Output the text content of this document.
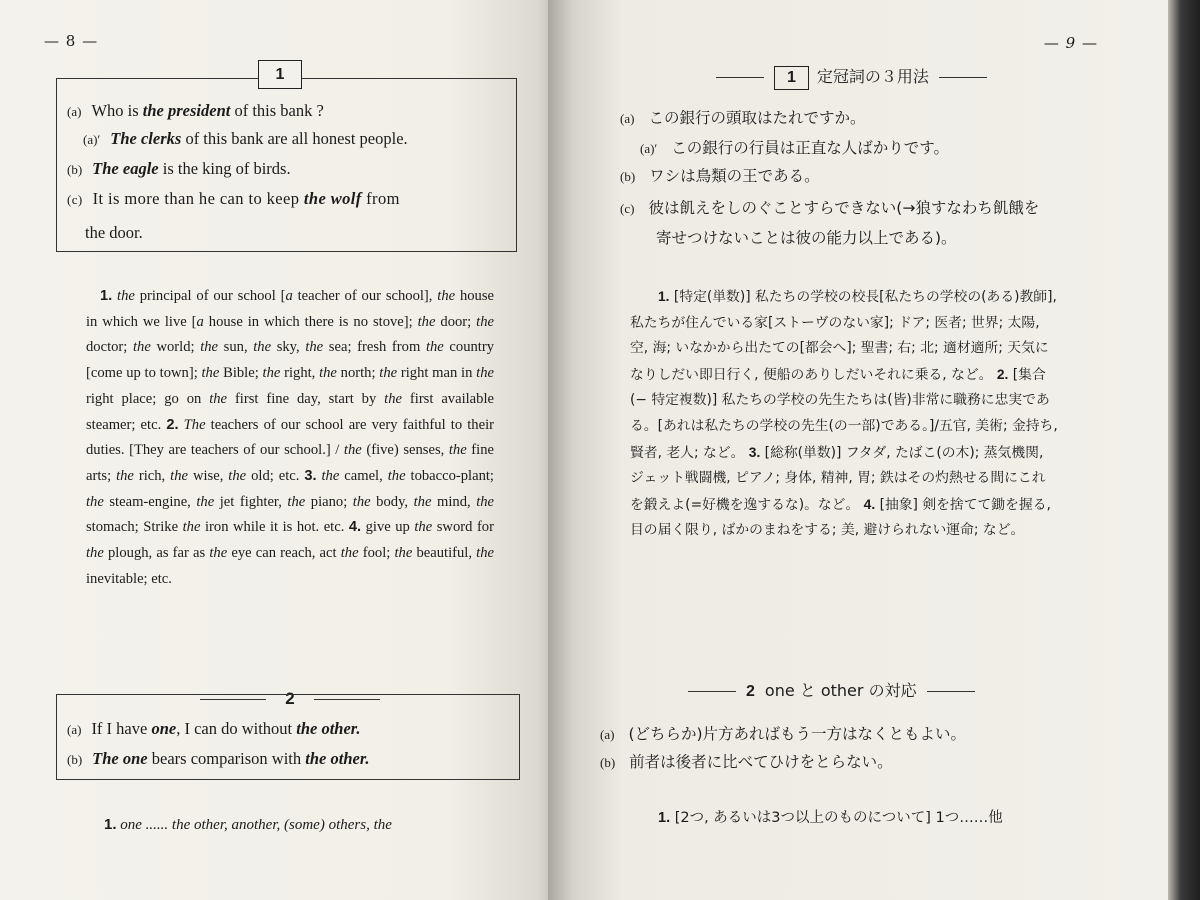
— 8 —
(a) Who is the president of this bank ?
(a)′ The clerks of this bank are all honest people.
(b) The eagle is the king of birds.
(c) It is more than he can to keep the wolf from
the door.
1
1. the principal of our school [a teacher of our school], the house in which we live [a house in which there is no stove]; the door; the doctor; the world; the sun, the sky, the sea; fresh from the country [come up to town]; the Bible; the right, the north; the right man in the right place; go on the first fine day, start by the first available steamer; etc. 2. The teachers of our school are very faithful to their duties. [They are teachers of our school.] / the (five) senses, the fine arts; the rich, the wise, the old; etc. 3. the camel, the tobacco-plant; the steam-engine, the jet fighter, the piano; the body, the mind, the stomach; Strike the iron while it is hot. etc. 4. give up the sword for the plough, as far as the eye can reach, act the fool; the beautiful, the inevitable; etc.
2
(a) If I have one, I can do without the other.
(b) The one bears comparison with the other.
1. one ...... the other, another, (some) others, the
— 9 —
1 定冠詞の３用法
(a) この銀行の頭取はたれですか。
(a)′ この銀行の行員は正直な人ばかりです。
(b) ワシは鳥類の王である。
(c) 彼は飢えをしのぐことすらできない(→狼すなわち飢餓を
寄せつけないことは彼の能力以上である)。
1. [特定(単数)] 私たちの学校の校長[私たちの学校の(ある)教師], 私たちが住んでいる家[ストーヴのない家]; ドア; 医者; 世界; 太陽, 空, 海; いなかから出たての[都会へ]; 聖書; 右; 北; 適材適所; 天気になりしだい即日行く, 便船のありしだいそれに乗る, など。 2. [集合(− 特定複数)] 私たちの学校の先生たちは(皆)非常に職務に忠実である。[あれは私たちの学校の先生(の一部)である。]/五官, 美術; 金持ち, 賢者, 老人; など。 3. [総称(単数)] フタダ, たばこ(の木); 蒸気機関, ジェット戦闘機, ピアノ; 身体, 精神, 胃; 鉄はその灼熱せる間にこれを鍛えよ(=好機を逸するな)。など。 4. [抽象] 剣を捨てて鋤を握る, 目の届く限り, ばかのまねをする; 美, 避けられない運命; など。
2 one と other の対応
(a) (どちらか)片方あればもう一方はなくともよい。
(b) 前者は後者に比べてひけをとらない。
1. [2つ, あるいは3つ以上のものについて] 1つ……他
